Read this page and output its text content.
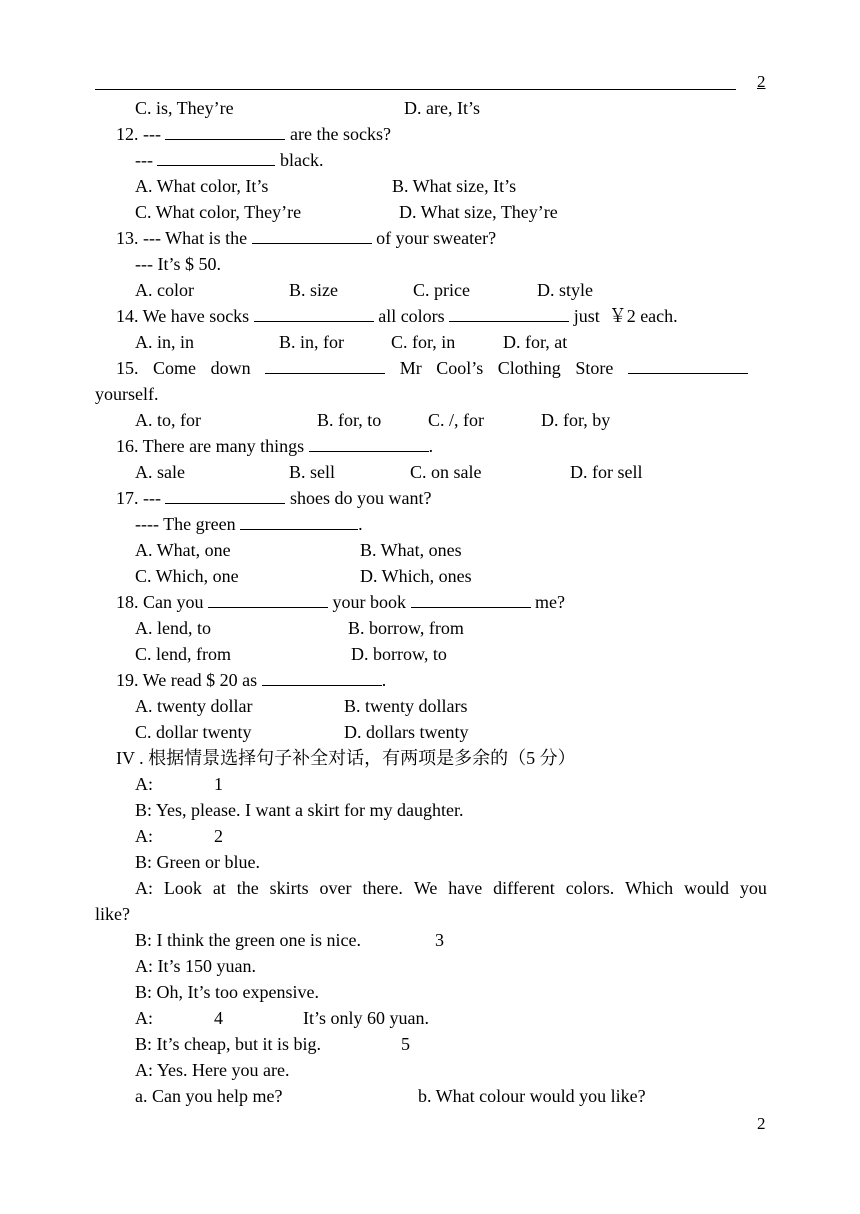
2
C. is, They’re	D. are, It’s
12. ---	are the socks?
---	black.
A. What color, It’s	B. What size, It’s
C. What color, They’re	D. What size, They’re
13. --- What is the	of your sweater?
--- It’s $ 50.
A. color	B. size	C. price	D. style
14. We have socks	all colors	just  ￥2 each.
A. in, in	B. in, for	C. for, in	D. for, at
15. Come down	Mr Cool’s Clothing Store
yourself.
A. to, for	B. for, to	C. /, for	D. for, by
16. There are many things	.
A. sale	B. sell	C. on sale	D. for sell
17. ---	shoes do you want?
---- The green	.
A. What, one	B. What, ones
C. Which, one	D. Which, ones
18. Can you	your book	me?
A. lend, to	B. borrow, from
C. lend, from	D. borrow, to
19. We read $ 20 as	.
A. twenty dollar	B. twenty dollars
C. dollar twenty	D. dollars twenty
IV . 根据情景选择句子补全对话，有两项是多余的（5 分）
A:	1
B: Yes, please. I want a skirt for my daughter.
A:	2
B: Green or blue.
A: Look at the skirts over there. We have different colors. Which would you
like?
B: I think the green one is nice.	3
A: It’s 150 yuan.
B: Oh, It’s too expensive.
A:	4	It’s only 60 yuan.
B: It’s cheap, but it is big.	5
A: Yes. Here you are.
a. Can you help me?	b. What colour would you like?
2
